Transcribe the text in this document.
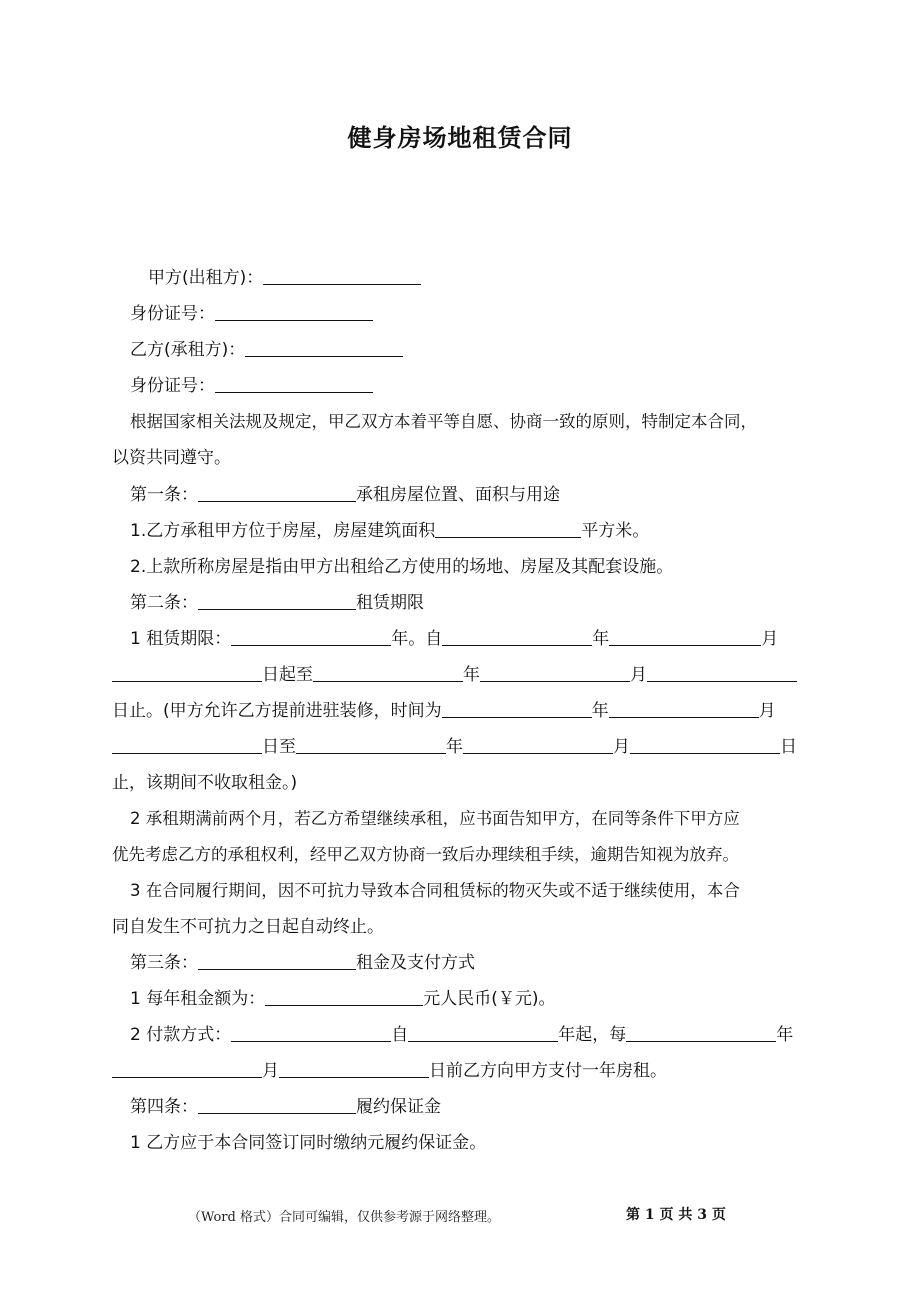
健身房场地租赁合同
甲方(出租方)：
身份证号：
乙方(承租方)：
身份证号：
根据国家相关法规及规定，甲乙双方本着平等自愿、协商一致的原则，特制定本合同，
以资共同遵守。
第一条：	承租房屋位置、面积与用途
1.乙方承租甲方位于房屋，房屋建筑面积	平方米。
2.上款所称房屋是指由甲方出租给乙方使用的场地、房屋及其配套设施。
第二条：	租赁期限
1 租赁期限：	年。自	年	月
日起至	年	月
日止。(甲方允许乙方提前进驻装修，时间为	年	月
日至	年	月	日
止，该期间不收取租金。)
2 承租期满前两个月，若乙方希望继续承租，应书面告知甲方，在同等条件下甲方应
优先考虑乙方的承租权利，经甲乙双方协商一致后办理续租手续，逾期告知视为放弃。
3 在合同履行期间，因不可抗力导致本合同租赁标的物灭失或不适于继续使用，本合
同自发生不可抗力之日起自动终止。
第三条：	租金及支付方式
1 每年租金额为：	元人民币(￥元)。
2 付款方式：	自	年起，每	年
月	日前乙方向甲方支付一年房租。
第四条：	履约保证金
1 乙方应于本合同签订同时缴纳元履约保证金。
（Word 格式）合同可编辑，仅供参考源于网络整理。	第 1 页 共 3 页
